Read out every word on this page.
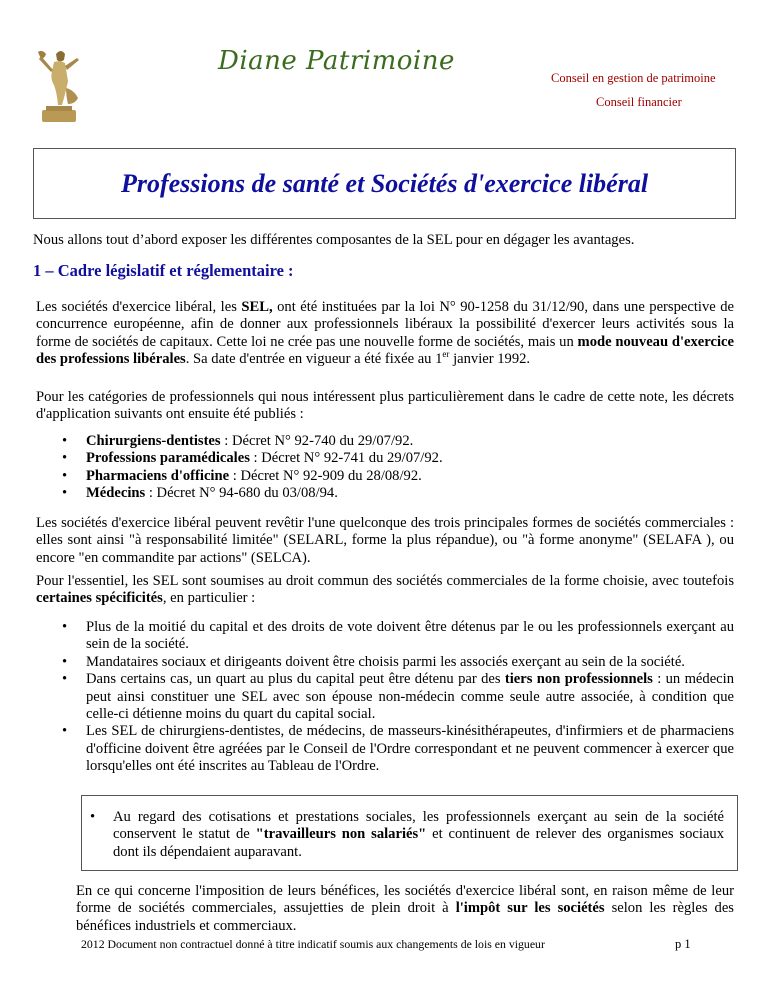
Diane Patrimoine
Conseil en gestion de patrimoine
Conseil financier
Professions de santé et Sociétés d'exercice libéral
Nous allons tout d’abord exposer les différentes composantes de la SEL pour en dégager les avantages.
1 – Cadre législatif et réglementaire :
Les sociétés d'exercice libéral, les SEL, ont été instituées par la loi N° 90-1258 du 31/12/90, dans une perspective de concurrence européenne, afin de donner aux professionnels libéraux la possibilité d'exercer leurs activités sous la forme de sociétés de capitaux. Cette loi ne crée pas une nouvelle forme de sociétés, mais un mode nouveau d'exercice des professions libérales. Sa date d'entrée en vigueur a été fixée au 1er janvier 1992.
Pour les catégories de professionnels qui nous intéressent plus particulièrement dans le cadre de cette note, les décrets d'application suivants ont ensuite été publiés :
• Chirurgiens-dentistes : Décret N° 92-740 du 29/07/92.
• Professions paramédicales : Décret N° 92-741 du 29/07/92.
• Pharmaciens d'officine : Décret N° 92-909 du 28/08/92.
• Médecins : Décret N° 94-680 du 03/08/94.
Les sociétés d'exercice libéral peuvent revêtir l'une quelconque des trois principales formes de sociétés commerciales : elles sont ainsi "à responsabilité limitée" (SELARL, forme la plus répandue), ou "à forme anonyme" (SELAFA ), ou encore "en commandite par actions" (SELCA).
Pour l'essentiel, les SEL sont soumises au droit commun des sociétés commerciales de la forme choisie, avec toutefois certaines spécificités, en particulier :
• Plus de la moitié du capital et des droits de vote doivent être détenus par le ou les professionnels exerçant au sein de la société.
• Mandataires sociaux et dirigeants doivent être choisis parmi les associés exerçant au sein de la société.
• Dans certains cas, un quart au plus du capital peut être détenu par des tiers non professionnels : un médecin peut ainsi constituer une SEL avec son épouse non-médecin comme seule autre associée, à condition que celle-ci détienne moins du quart du capital social.
• Les SEL de chirurgiens-dentistes, de médecins, de masseurs-kinésithérapeutes, d'infirmiers et de pharmaciens d'officine doivent être agréées par le Conseil de l'Ordre correspondant et ne peuvent commencer à exercer que lorsqu'elles ont été inscrites au Tableau de l'Ordre.
• Au regard des cotisations et prestations sociales, les professionnels exerçant au sein de la société conservent le statut de "travailleurs non salariés" et continuent de relever des organismes sociaux dont ils dépendaient auparavant.
En ce qui concerne l'imposition de leurs bénéfices, les sociétés d'exercice libéral sont, en raison même de leur forme de sociétés commerciales, assujetties de plein droit à l'impôt sur les sociétés selon les règles des bénéfices industriels et commerciaux.
2012 Document non contractuel donné à titre indicatif soumis aux changements de lois en vigueur	p 1
